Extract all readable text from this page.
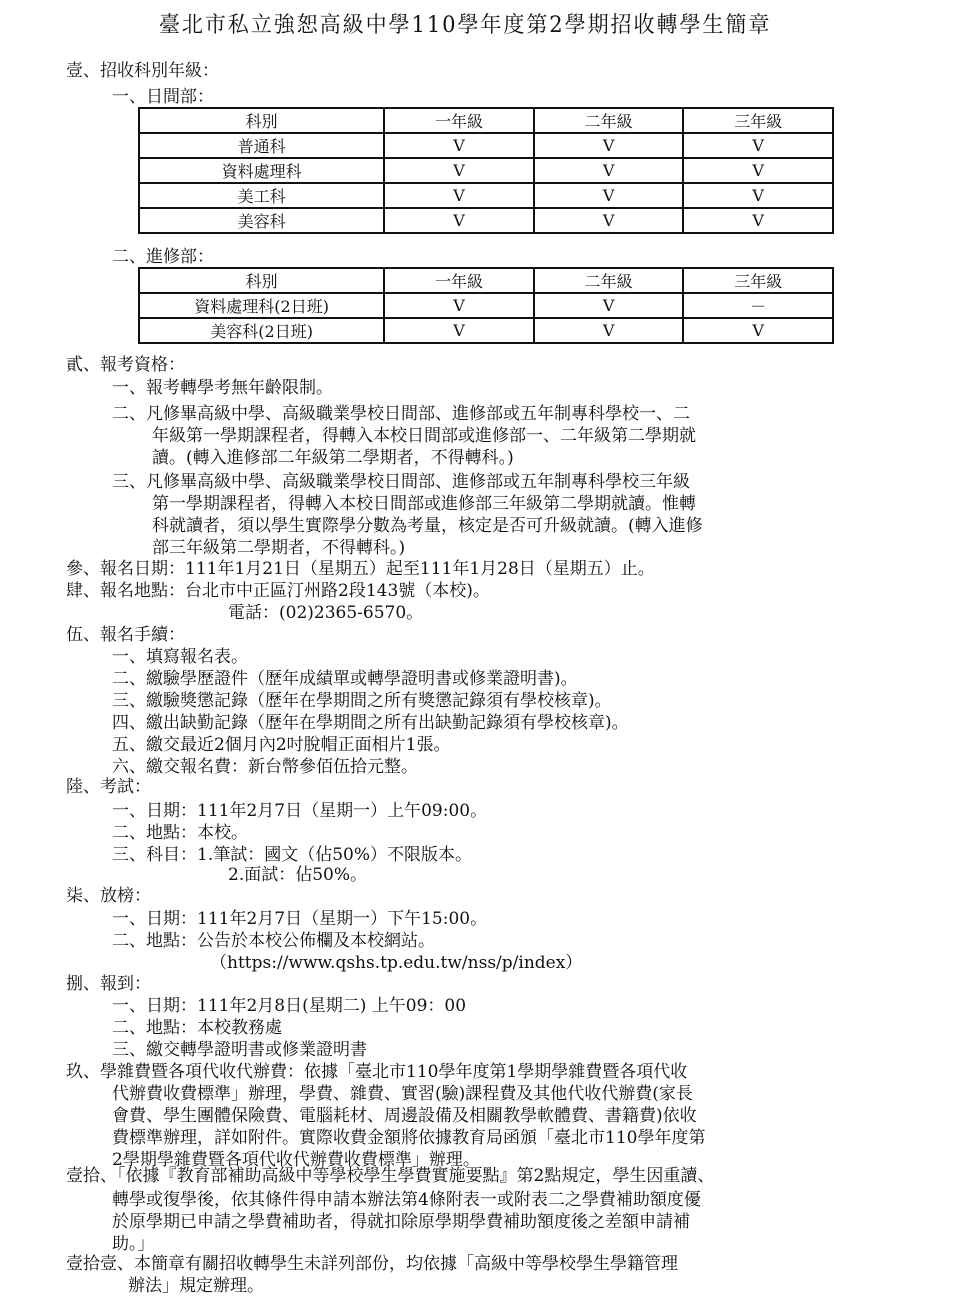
臺北市私立強恕高級中學110學年度第2學期招收轉學生簡章
壹、招收科別年級：
一、日間部：
科別	一年級	二年級	三年級
普通科	V	V	V
資料處理科	V	V	V
美工科	V	V	V
美容科	V	V	V
二、進修部：
科別	一年級	二年級	三年級
資料處理科(2日班)	V	V	－
美容科(2日班)	V	V	V
貳、報考資格：
一、報考轉學考無年齡限制。
二、凡修畢高級中學、高級職業學校日間部、進修部或五年制專科學校一、二
年級第一學期課程者，得轉入本校日間部或進修部一、二年級第二學期就
讀。(轉入進修部二年級第二學期者，不得轉科。)
三、凡修畢高級中學、高級職業學校日間部、進修部或五年制專科學校三年級
第一學期課程者，得轉入本校日間部或進修部三年級第二學期就讀。惟轉
科就讀者，須以學生實際學分數為考量，核定是否可升級就讀。(轉入進修
部三年級第二學期者，不得轉科。)
參、報名日期：111年1月21日（星期五）起至111年1月28日（星期五）止。
肆、報名地點：台北市中正區汀州路2段143號（本校)。
電話：(02)2365-6570。
伍、報名手續：
一、填寫報名表。
二、繳驗學歷證件（歷年成績單或轉學證明書或修業證明書)。
三、繳驗獎懲記錄（歷年在學期間之所有獎懲記錄須有學校核章)。
四、繳出缺勤記錄（歷年在學期間之所有出缺勤記錄須有學校核章)。
五、繳交最近2個月內2吋脫帽正面相片1張。
六、繳交報名費：新台幣參佰伍拾元整。
陸、考試：
一、日期：111年2月7日（星期一）上午09:00。
二、地點：本校。
三、科目：1.筆試：國文（佔50%）不限版本。
2.面試：佔50%。
柒、放榜：
一、日期：111年2月7日（星期一）下午15:00。
二、地點：公告於本校公佈欄及本校網站。
（https://www.qshs.tp.edu.tw/nss/p/index）
捌、報到：
一、日期：111年2月8日(星期二) 上午09：00
二、地點：本校教務處
三、繳交轉學證明書或修業證明書
玖、學雜費暨各項代收代辦費：依據「臺北市110學年度第1學期學雜費暨各項代收
代辦費收費標準」辦理，學費、雜費、實習(驗)課程費及其他代收代辦費(家長
會費、學生團體保險費、電腦耗材、周邊設備及相關教學軟體費、書籍費)依收
費標準辦理，詳如附件。實際收費金額將依據教育局函頒「臺北市110學年度第
2學期學雜費暨各項代收代辦費收費標準」辦理。
壹拾、「依據『教育部補助高級中等學校學生學費實施要點』第2點規定，學生因重讀、
轉學或復學後，依其條件得申請本辦法第4條附表一或附表二之學費補助額度優
於原學期已申請之學費補助者，得就扣除原學期學費補助額度後之差額申請補
助。」
壹拾壹、本簡章有關招收轉學生未詳列部份，均依據「高級中等學校學生學籍管理
辦法」規定辦理。
